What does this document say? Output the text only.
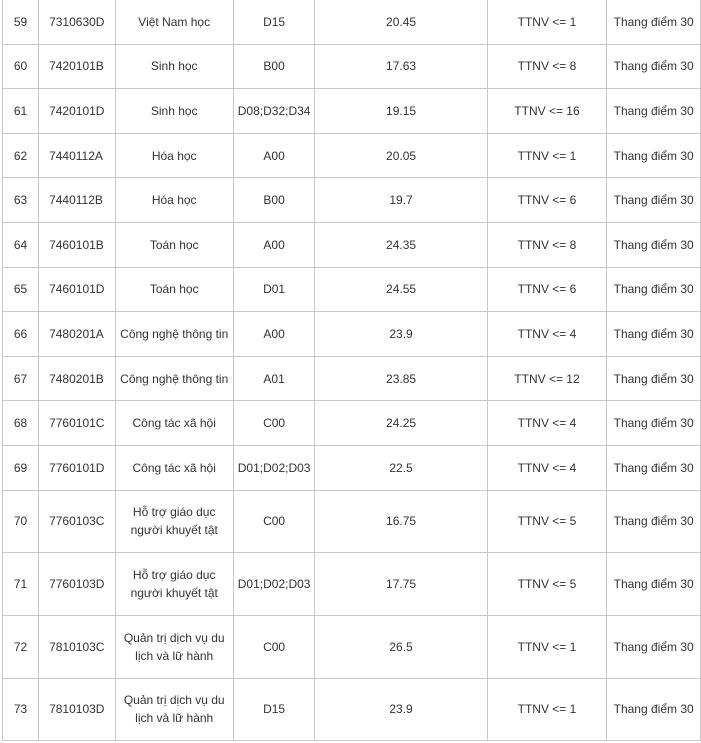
59	7310630D	Việt Nam học	D15	20.45	TTNV <= 1	Thang điểm 30
60	7420101B	Sinh học	B00	17.63	TTNV <= 8	Thang điểm 30
61	7420101D	Sinh học	D08;D32;D34	19.15	TTNV <= 16	Thang điểm 30
62	7440112A	Hóa học	A00	20.05	TTNV <= 1	Thang điểm 30
63	7440112B	Hóa học	B00	19.7	TTNV <= 6	Thang điểm 30
64	7460101B	Toán học	A00	24.35	TTNV <= 8	Thang điểm 30
65	7460101D	Toán học	D01	24.55	TTNV <= 6	Thang điểm 30
66	7480201A	Công nghệ thông tin	A00	23.9	TTNV <= 4	Thang điểm 30
67	7480201B	Công nghệ thông tin	A01	23.85	TTNV <= 12	Thang điểm 30
68	7760101C	Công tác xã hội	C00	24.25	TTNV <= 4	Thang điểm 30
69	7760101D	Công tác xã hội	D01;D02;D03	22.5	TTNV <= 4	Thang điểm 30
70	7760103C	Hỗ trợ giáo dục người khuyết tật	C00	16.75	TTNV <= 5	Thang điểm 30
71	7760103D	Hỗ trợ giáo dục người khuyết tật	D01;D02;D03	17.75	TTNV <= 5	Thang điểm 30
72	7810103C	Quản trị dịch vụ du lịch và lữ hành	C00	26.5	TTNV <= 1	Thang điểm 30
73	7810103D	Quản trị dịch vụ du lịch và lữ hành	D15	23.9	TTNV <= 1	Thang điểm 30
